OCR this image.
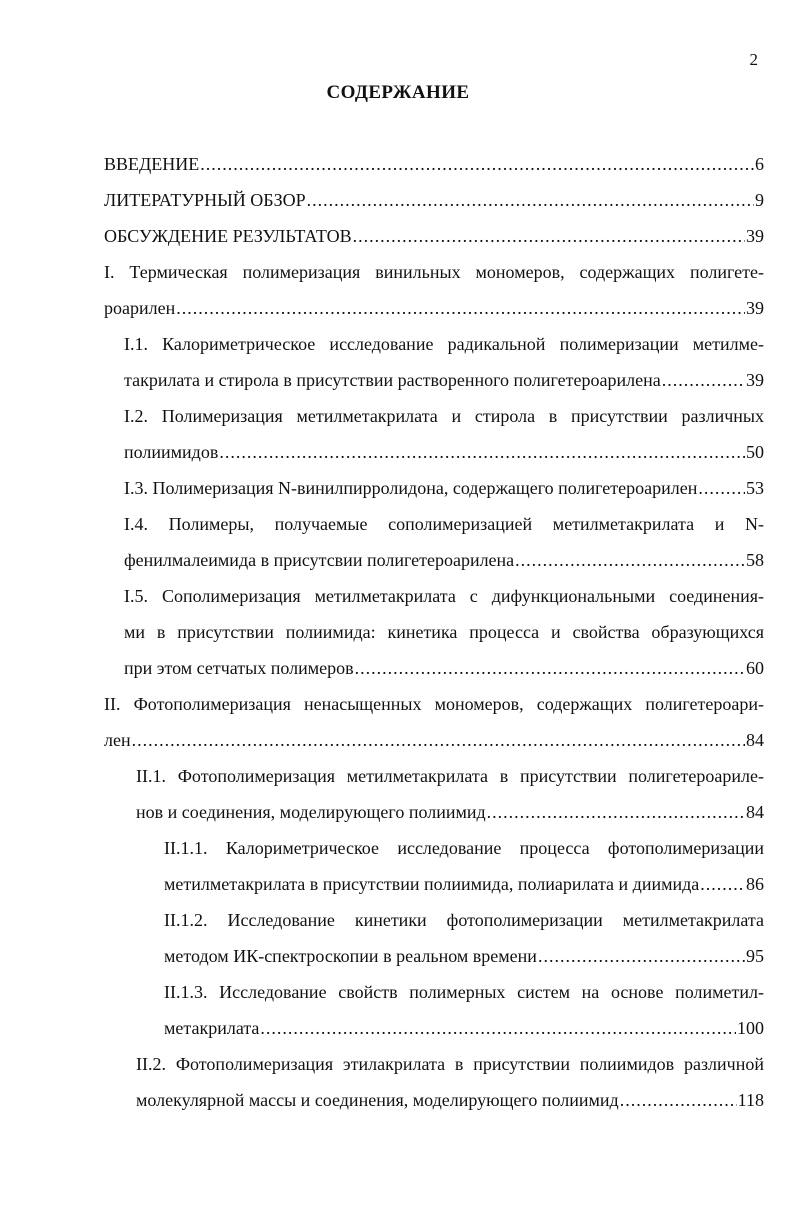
2
СОДЕРЖАНИЕ
ВВЕДЕНИЕ .....	6
ЛИТЕРАТУРНЫЙ ОБЗОР .....	9
ОБСУЖДЕНИЕ РЕЗУЛЬТАТОВ .....	39
I. Термическая полимеризация винильных мономеров, содержащих полигете-
роарилен .....	39
I.1. Калориметрическое исследование радикальной полимеризации метилме-
такрилата и стирола в присутствии растворенного полигетероарилена .....	39
I.2. Полимеризация метилметакрилата и стирола в присутствии различных
полиимидов .....	50
I.3. Полимеризация N-винилпирролидона, содержащего полигетероарилен .....	53
I.4. Полимеры, получаемые сополимеризацией метилметакрилата и N-
фенилмалеимида в присутсвии полигетероарилена .....	58
I.5. Сополимеризация метилметакрилата с дифункциональными соединения-
ми в присутствии полиимида: кинетика процесса и свойства образующихся
при этом сетчатых полимеров .....	60
II. Фотополимеризация ненасыщенных мономеров, содержащих полигетероари-
лен .....	84
II.1. Фотополимеризация метилметакрилата в присутствии полигетероарилe-
нов и соединения, моделирующего полиимид .....	84
II.1.1. Калориметрическое исследование процесса фотополимеризации
метилметакрилата в присутствии полиимида, полиарилата и диимида .....	86
II.1.2. Исследование кинетики фотополимеризации метилметакрилата
методом ИК-спектроскопии в реальном времени .....	95
II.1.3. Исследование свойств полимерных систем на основе полиметил-
метакрилата .....	100
II.2. Фотополимеризация этилакрилата в присутствии полиимидов различной
молекулярной массы и соединения, моделирующего полиимид .....	118
